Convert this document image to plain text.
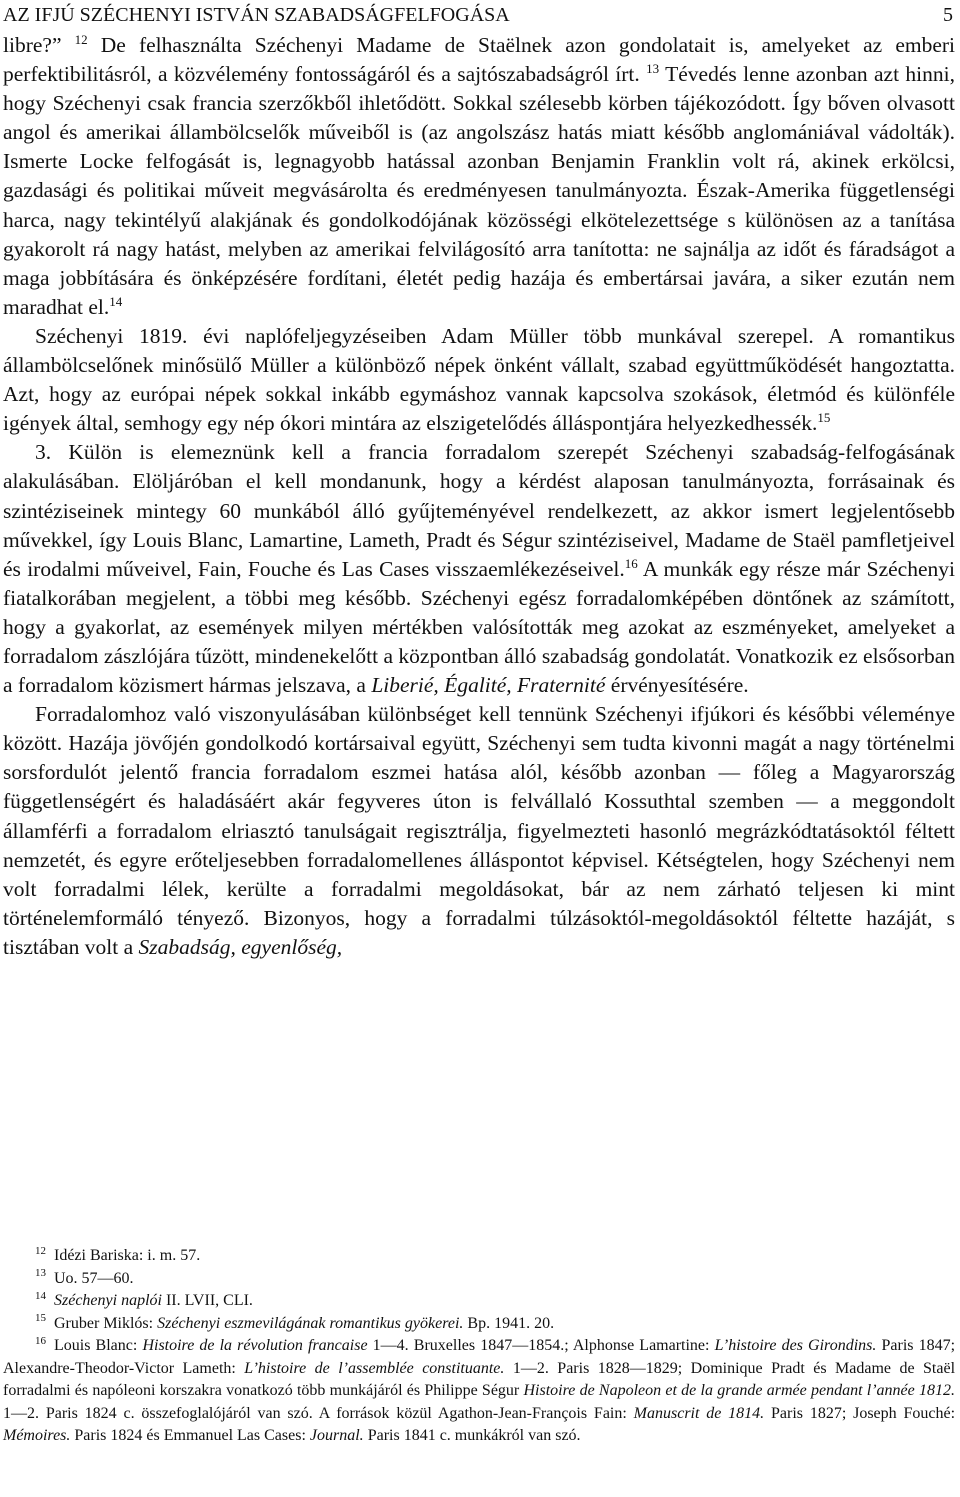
AZ IFJÚ SZÉCHENYI ISTVÁN SZABADSÁGFELFOGÁSA	5

libre?” $^{12}$ De felhasználta Széchenyi Madame de Staëlnek azon gondolatait is, amelyeket az emberi perfektibilitásról, a közvélemény fontosságáról és a sajtószabadságról írt. $^{13}$ Tévedés lenne azonban azt hinni, hogy Széchenyi csak francia szerzőkből ihletődött. Sokkal szélesebb körben tájékozódott. Így bőven olvasott angol és amerikai állambölcselők műveiből is (az angolszász hatás miatt később anglomániával vádolták). Ismerte Locke felfogását is, legnagyobb hatással azonban Benjamin Franklin volt rá, akinek erkölcsi, gazdasági és politikai műveit megvásárolta és eredményesen tanulmányozta. Észak-Amerika függetlenségi harca, nagy tekintélyű alakjának és gondolkodójának közösségi elkötelezettsége s különösen az a tanítása gyakorolt rá nagy hatást, melyben az amerikai felvilágosító arra tanította: ne sajnálja az időt és fáradságot a maga jobbítására és önképzésére fordítani, életét pedig hazája és embertársai javára, a siker ezután nem maradhat el.$^{14}$

Széchenyi 1819. évi naplófeljegyzéseiben Adam Müller több munkával szerepel. A romantikus állambölcselőnek minősülő Müller a különböző népek önként vállalt, szabad együttműködését hangoztatta. Azt, hogy az európai népek sokkal inkább egymáshoz vannak kapcsolva szokások, életmód és különféle igények által, semhogy egy nép ókori mintára az elszigetelődés álláspontjára helyezkedhessék.$^{15}$

3. Külön is elemeznünk kell a francia forradalom szerepét Széchenyi szabadság-felfogásának alakulásában. Elöljáróban el kell mondanunk, hogy a kérdést alaposan tanulmányozta, forrásainak és szintéziseinek mintegy 60 munkából álló gyűjteményével rendelkezett, az akkor ismert legjelentősebb művekkel, így Louis Blanc, Lamartine, Lameth, Pradt és Ségur szintéziseivel, Madame de Staël pamfletjeivel és irodalmi műveivel, Fain, Fouche és Las Cases visszaemlékezéseivel.$^{16}$ A munkák egy része már Széchenyi fiatalkorában megjelent, a többi meg később. Széchenyi egész forradalomképében döntőnek az számított, hogy a gyakorlat, az események milyen mértékben valósították meg azokat az eszményeket, amelyeket a forradalom zászlójára tűzött, mindenekelőtt a központban álló szabadság gondolatát. Vonatkozik ez elsősorban a forradalom közismert hármas jelszava, a Liberié, Égalité, Fraternité érvényesítésére.

Forradalomhoz való viszonyulásában különbséget kell tennünk Széchenyi ifjúkori és későbbi véleménye között. Hazája jövőjén gondolkodó kortársaival együtt, Széchenyi sem tudta kivonni magát a nagy történelmi sorsfordulót jelentő francia forradalom eszmei hatása alól, később azonban — főleg a Magyarország függetlenségért és haladásáért akár fegyveres úton is felvállaló Kossuthtal szemben — a meggondolt államférfi a forradalom elriasztó tanulságait regisztrálja, figyelmezteti hasonló megrázkódtatásoktól féltett nemzetét, és egyre erőteljesebben forradalomellenes álláspontot képvisel. Kétségtelen, hogy Széchenyi nem volt forradalmi lélek, kerülte a forradalmi megoldásokat, bár az nem zárható teljesen ki mint történelemformáló tényező. Bizonyos, hogy a forradalmi túlzásoktól-megoldásoktól féltette hazáját, s tisztában volt a Szabadság, egyenlőség,

$^{12}$ Idézi Bariska: i. m. 57.

$^{13}$ Uo. 57—60.

$^{14}$ Széchenyi naplói II. LVII, CLI.

$^{15}$ Gruber Miklós: Széchenyi eszmevilágának romantikus gyökerei. Bp. 1941. 20.

$^{16}$ Louis Blanc: Histoire de la révolution francaise 1—4. Bruxelles 1847—1854.; Alphonse Lamartine: L’histoire des Girondins. Paris 1847; Alexandre-Theodor-Victor Lameth: L’histoire de l’assemblée constituante. 1—2. Paris 1828—1829; Dominique Pradt és Madame de Staël forradalmi és napóleoni korszakra vonatkozó több munkájáról és Philippe Ségur Histoire de Napoleon et de la grande armée pendant l’année 1812. 1—2. Paris 1824 c. összefoglalójáról van szó. A források közül Agathon-Jean-François Fain: Manuscrit de 1814. Paris 1827; Joseph Fouché: Mémoires. Paris 1824 és Emmanuel Las Cases: Journal. Paris 1841 c. munkákról van szó.
